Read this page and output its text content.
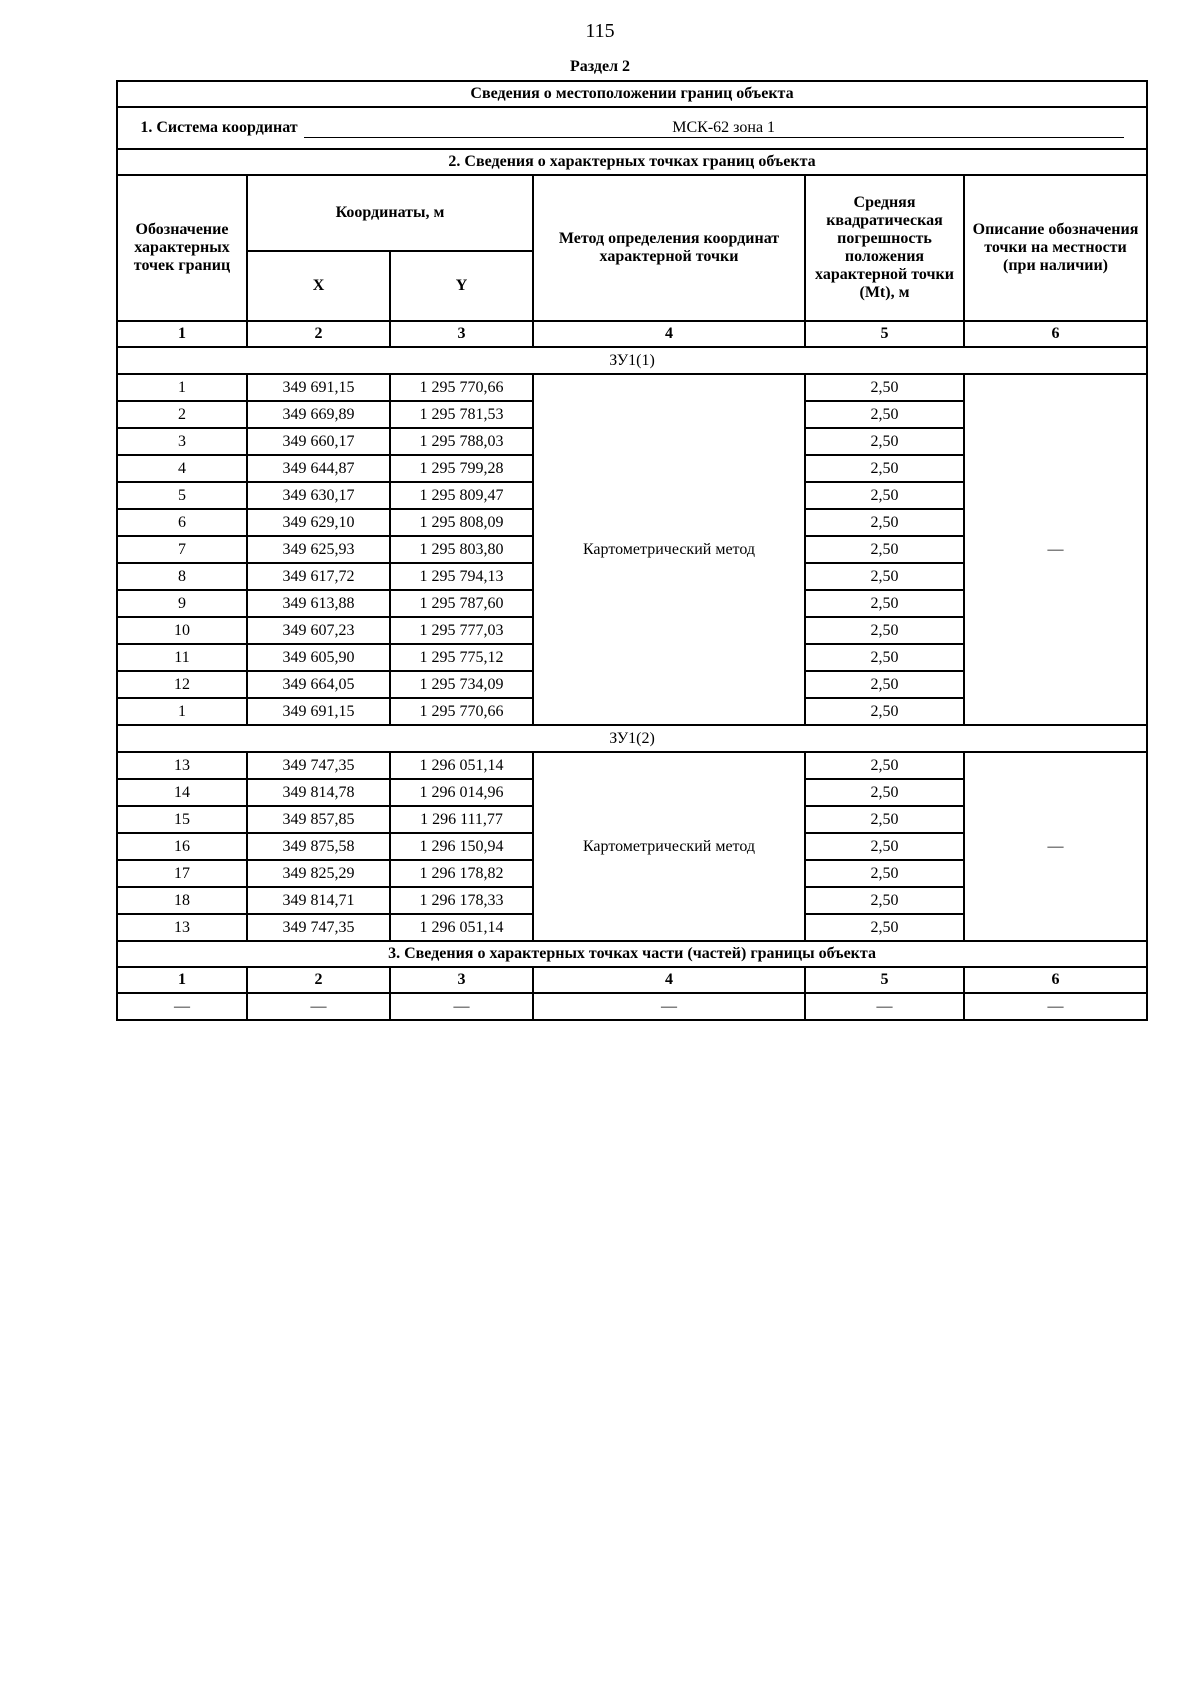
115
Раздел 2
Сведения о местоположении границ объекта					
1. Система координат МСК-62 зона 1					
2. Сведения о характерных точках границ объекта					
Обозначение характерных точек границ	Координаты, м		Метод определения координат характерной точки	Средняя квадратическая погрешность положения характерной точки (Mt), м	Описание обозначения точки на местности (при наличии)
	X	Y			
1	2	3	4	5	6
ЗУ1(1)					
1	349 691,15	1 295 770,66	Картометрический метод	2,50	—
2	349 669,89	1 295 781,53		2,50	
3	349 660,17	1 295 788,03		2,50	
4	349 644,87	1 295 799,28		2,50	
5	349 630,17	1 295 809,47		2,50	
6	349 629,10	1 295 808,09		2,50	
7	349 625,93	1 295 803,80		2,50	
8	349 617,72	1 295 794,13		2,50	
9	349 613,88	1 295 787,60		2,50	
10	349 607,23	1 295 777,03		2,50	
11	349 605,90	1 295 775,12		2,50	
12	349 664,05	1 295 734,09		2,50	
1	349 691,15	1 295 770,66		2,50	
ЗУ1(2)					
13	349 747,35	1 296 051,14	Картометрический метод	2,50	—
14	349 814,78	1 296 014,96		2,50	
15	349 857,85	1 296 111,77		2,50	
16	349 875,58	1 296 150,94		2,50	
17	349 825,29	1 296 178,82		2,50	
18	349 814,71	1 296 178,33		2,50	
13	349 747,35	1 296 051,14		2,50	
3. Сведения о характерных точках части (частей) границы объекта					
1	2	3	4	5	6
—	—	—	—	—	—
